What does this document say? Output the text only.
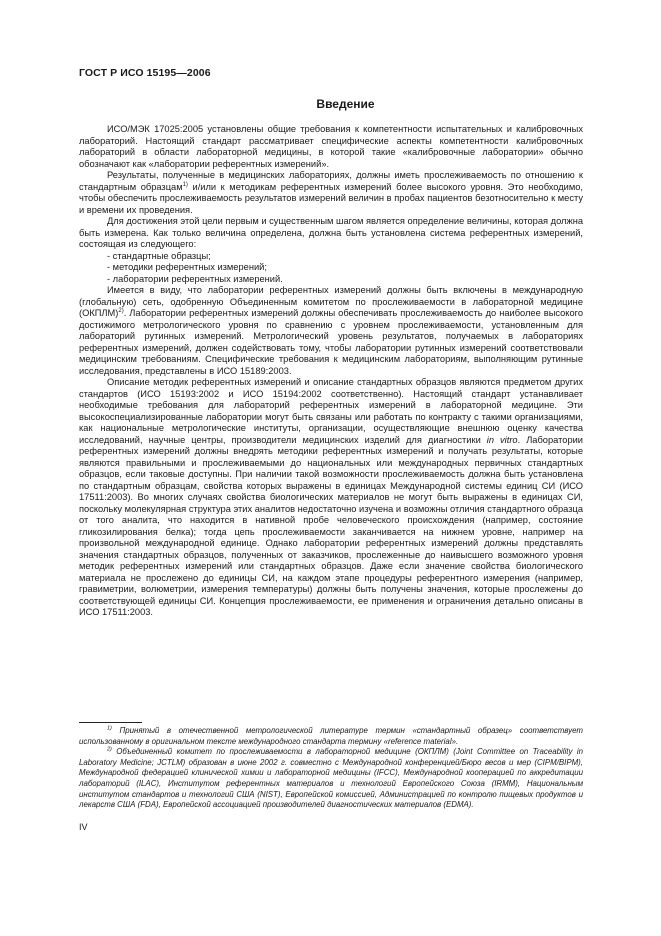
ГОСТ Р ИСО 15195—2006
Введение

ИСО/МЭК 17025:2005 установлены общие требования к компетентности испытательных и калибровочных лабораторий. Настоящий стандарт рассматривает специфические аспекты компетентности калибровочных лабораторий в области лабораторной медицины, в которой такие «калибровочные лаборатории» обычно обозначают как «лаборатории референтных измерений».

Результаты, полученные в медицинских лабораториях, должны иметь прослеживаемость по отношению к стандартным образцам$^{1)}$ и/или к методикам референтных измерений более высокого уровня. Это необходимо, чтобы обеспечить прослеживаемость результатов измерений величин в пробах пациентов безотносительно к месту и времени их проведения.

Для достижения этой цели первым и существенным шагом является определение величины, которая должна быть измерена. Как только величина определена, должна быть установлена система референтных измерений, состоящая из следующего:

- стандартные образцы;

- методики референтных измерений;

- лаборатории референтных измерений.

Имеется в виду, что лаборатории референтных измерений должны быть включены в международную (глобальную) сеть, одобренную Объединенным комитетом по прослеживаемости в лабораторной медицине (ОКПЛМ)$^{2)}$. Лаборатории референтных измерений должны обеспечивать прослеживаемость до наиболее высокого достижимого метрологического уровня по сравнению с уровнем прослеживаемости, установленным для лабораторий рутинных измерений. Метрологический уровень результатов, получаемых в лабораториях референтных измерений, должен содействовать тому, чтобы лаборатории рутинных измерений соответствовали медицинским требованиям. Специфические требования к медицинским лабораториям, выполняющим рутинные исследования, представлены в ИСО 15189:2003.

Описание методик референтных измерений и описание стандартных образцов являются предметом других стандартов (ИСО 15193:2002 и ИСО 15194:2002 соответственно). Настоящий стандарт устанавливает необходимые требования для лабораторий референтных измерений в лабораторной медицине. Эти высокоспециализированные лаборатории могут быть связаны или работать по контракту с такими организациями, как национальные метрологические институты, организации, осуществляющие внешнюю оценку качества исследований, научные центры, производители медицинских изделий для диагностики in vitro. Лаборатории референтных измерений должны внедрять методики референтных измерений и получать результаты, которые являются правильными и прослеживаемыми до национальных или международных первичных стандартных образцов, если таковые доступны. При наличии такой возможности прослеживаемость должна быть установлена по стандартным образцам, свойства которых выражены в единицах Международной системы единиц СИ (ИСО 17511:2003). Во многих случаях свойства биологических материалов не могут быть выражены в единицах СИ, поскольку молекулярная структура этих аналитов недостаточно изучена и возможны отличия стандартного образца от того аналита, что находится в нативной пробе человеческого происхождения (например, состояние гликозилирования белка); тогда цепь прослеживаемости заканчивается на нижнем уровне, например на произвольной международной единице. Однако лаборатории референтных измерений должны представлять значения стандартных образцов, полученных от заказчиков, прослеженные до наивысшего возможного уровня методик референтных измерений или стандартных образцов. Даже если значение свойства биологического материала не прослежено до единицы СИ, на каждом этапе процедуры референтного измерения (например, гравиметрии, волюметрии, измерения температуры) должны быть получены значения, которые прослежены до соответствующей единицы СИ. Концепция прослеживаемости, ее применения и ограничения детально описаны в ИСО 17511:2003.

$^{1)}$ Принятый в отечественной метрологической литературе термин «стандартный образец» соответствует использованному в оригинальном тексте международного стандарта термину «reference material».

$^{2)}$ Объединенный комитет по прослеживаемости в лабораторной медицине (ОКПЛМ) (Joint Committee on Traceability in Laboratory Medicine; JCTLM) образован в июне 2002 г. совместно с Международной конференцией/Бюро весов и мер (CIPM/BIPM), Международной федерацией клинической химии и лабораторной медицины (IFCC), Международной кооперацией по аккредитации лабораторий (ILAC), Институтом референтных материалов и технологий Европейского Союза (IRMM), Национальным институтом стандартов и технологий США (NIST), Европейской комиссией, Администрацией по контролю пищевых продуктов и лекарств США (FDA), Европейской ассоциацией производителей диагностических материалов (EDMA).

IV
